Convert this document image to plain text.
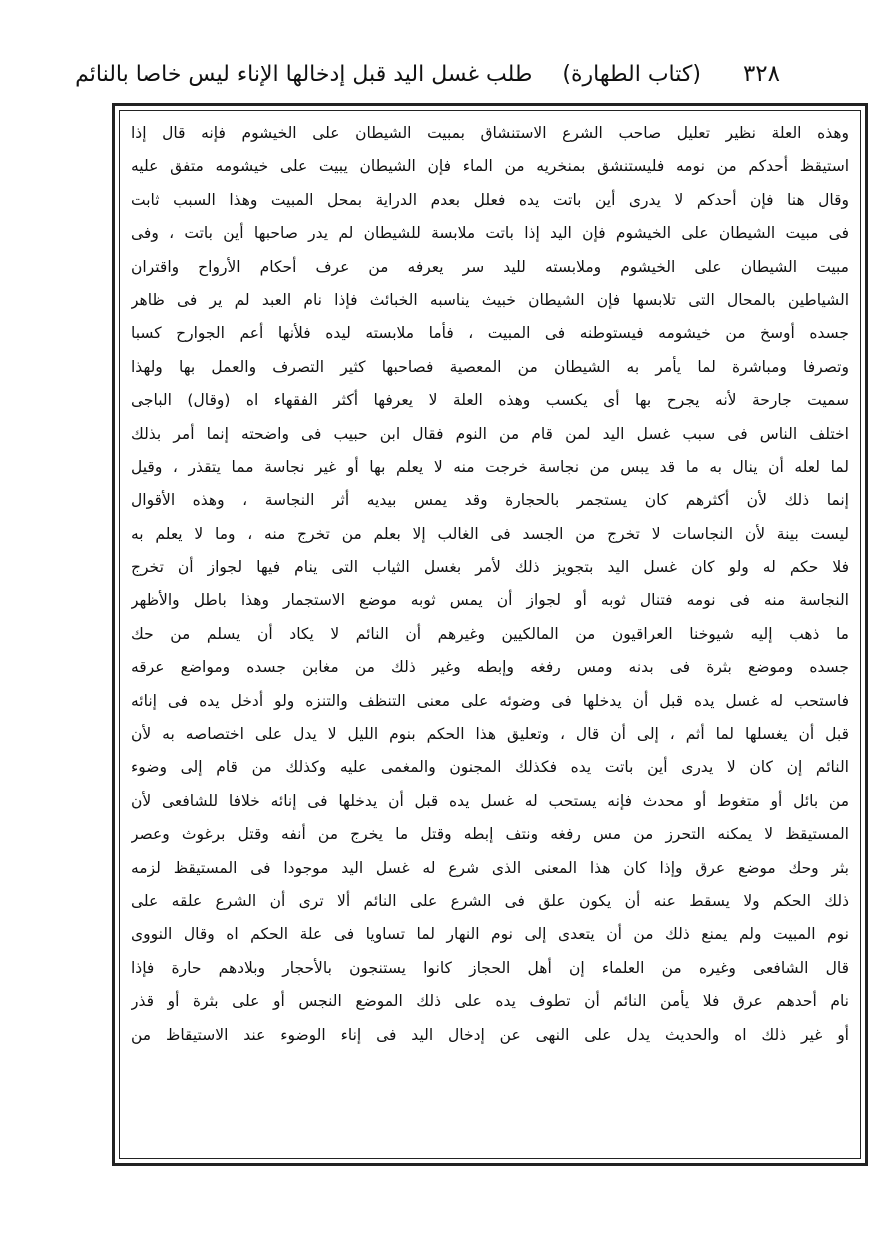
٣٢٨
(كتاب الطهارة)
طلب غسل اليد قبل إدخالها الإناء ليس خاصا بالنائم
وهذه العلة نظير تعليل صاحب الشرع الاستنشاق بمبيت الشيطان على الخيشوم فإنه قال إذا
استيقظ أحدكم من نومه فليستنشق بمنخريه من الماء فإن الشيطان يبيت على خيشومه متفق عليه
وقال هنا فإن أحدكم لا يدرى أين باتت يده فعلل بعدم الدراية بمحل المبيت وهذا السبب ثابت
فى مبيت الشيطان على الخيشوم فإن اليد إذا باتت ملابسة للشيطان لم يدر صاحبها أين باتت ، وفى
مبيت الشيطان على الخيشوم وملابسته لليد سر يعرفه من عرف أحكام الأرواح واقتران
الشياطين بالمحال التى تلابسها فإن الشيطان خبيث يناسبه الخبائث فإذا نام العبد لم ير فى ظاهر
جسده أوسخ من خيشومه فيستوطنه فى المبيت ، فأما ملابسته ليده فلأنها أعم الجوارح كسبا
وتصرفا ومباشرة لما يأمر به الشيطان من المعصية فصاحبها كثير التصرف والعمل بها ولهذا
سميت جارحة لأنه يجرح بها أى يكسب وهذه العلة لا يعرفها أكثر الفقهاء اه (وقال) الباجى
اختلف الناس فى سبب غسل اليد لمن قام من النوم فقال ابن حبيب فى واضحته إنما أمر بذلك
لما لعله أن ينال به ما قد يبس من نجاسة خرجت منه لا يعلم بها أو غير نجاسة مما يتقذر ، وقيل
إنما ذلك لأن أكثرهم كان يستجمر بالحجارة وقد يمس بيديه أثر النجاسة ، وهذه الأقوال
ليست بينة لأن النجاسات لا تخرج من الجسد فى الغالب إلا بعلم من تخرج منه ، وما لا يعلم به
فلا حكم له ولو كان غسل اليد بتجويز ذلك لأمر بغسل الثياب التى ينام فيها لجواز أن تخرج
النجاسة منه فى نومه فتنال ثوبه أو لجواز أن يمس ثوبه موضع الاستجمار وهذا باطل والأظهر
ما ذهب إليه شيوخنا العراقيون من المالكيين وغيرهم أن النائم لا يكاد أن يسلم من حك
جسده وموضع بثرة فى بدنه ومس رفغه وإبطه وغير ذلك من مغابن جسده ومواضع عرقه
فاستحب له غسل يده قبل أن يدخلها فى وضوئه على معنى التنظف والتنزه ولو أدخل يده فى إنائه
قبل أن يغسلها لما أثم ، إلى أن قال ، وتعليق هذا الحكم بنوم الليل لا يدل على اختصاصه به لأن
النائم إن كان لا يدرى أين باتت يده فكذلك المجنون والمغمى عليه وكذلك من قام إلى وضوء
من بائل أو متغوط أو محدث فإنه يستحب له غسل يده قبل أن يدخلها فى إنائه خلافا للشافعى لأن
المستيقظ لا يمكنه التحرز من مس رفغه ونتف إبطه وقتل ما يخرج من أنفه وقتل برغوث وعصر
بثر وحك موضع عرق وإذا كان هذا المعنى الذى شرع له غسل اليد موجودا فى المستيقظ لزمه
ذلك الحكم ولا يسقط عنه أن يكون علق فى الشرع على النائم ألا ترى أن الشرع علقه على
نوم المبيت ولم يمنع ذلك من أن يتعدى إلى نوم النهار لما تساويا فى علة الحكم اه وقال النووى
قال الشافعى وغيره من العلماء إن أهل الحجاز كانوا يستنجون بالأحجار وبلادهم حارة فإذا
نام أحدهم عرق فلا يأمن النائم أن تطوف يده على ذلك الموضع النجس أو على بثرة أو قذر
أو غير ذلك اه والحديث يدل على النهى عن إدخال اليد فى إناء الوضوء عند الاستيقاظ من
